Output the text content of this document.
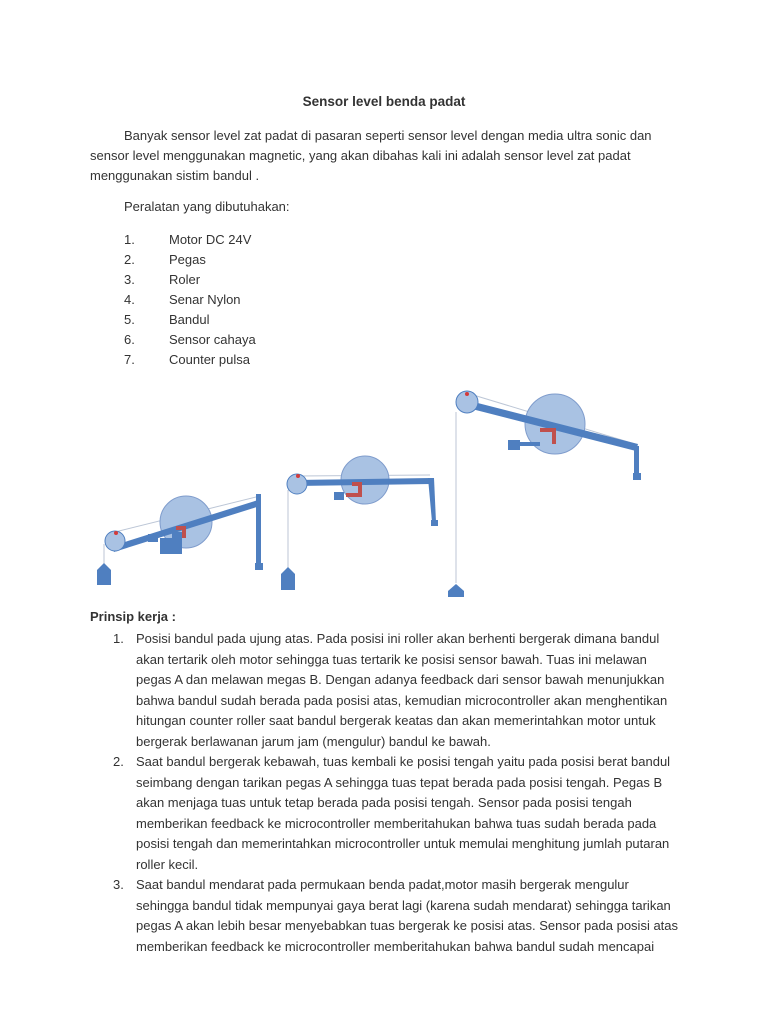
Sensor level benda padat
Banyak sensor level zat padat di pasaran seperti sensor level dengan media ultra sonic dan sensor level menggunakan magnetic, yang akan dibahas kali ini adalah sensor level zat padat menggunakan sistim bandul .
Peralatan yang dibutuhakan:
1.	Motor DC 24V
2.	Pegas
3.	Roler
4.	Senar Nylon
5.	Bandul
6.	Sensor cahaya
7.	Counter pulsa
Prinsip kerja :
1. Posisi bandul pada ujung atas. Pada posisi ini roller akan berhenti bergerak dimana bandul akan tertarik oleh motor sehingga tuas tertarik ke posisi sensor bawah. Tuas ini melawan pegas A dan melawan megas B. Dengan adanya feedback dari sensor bawah menunjukkan bahwa bandul sudah berada pada posisi atas, kemudian microcontroller akan menghentikan hitungan counter roller saat bandul bergerak keatas dan akan memerintahkan motor untuk bergerak berlawanan jarum jam (mengulur) bandul ke bawah.
2. Saat bandul bergerak kebawah, tuas kembali ke posisi tengah yaitu pada posisi berat bandul seimbang dengan tarikan pegas A sehingga tuas tepat berada pada posisi tengah. Pegas B akan menjaga tuas untuk tetap berada pada posisi tengah. Sensor pada posisi tengah memberikan feedback ke microcontroller memberitahukan bahwa tuas sudah berada pada posisi tengah dan memerintahkan microcontroller untuk memulai menghitung jumlah putaran roller kecil.
3. Saat bandul mendarat pada permukaan benda padat,motor masih bergerak mengulur sehingga bandul tidak mempunyai gaya berat lagi (karena sudah mendarat) sehingga tarikan pegas A akan lebih besar menyebabkan tuas bergerak ke posisi atas. Sensor pada posisi atas memberikan feedback ke microcontroller memberitahukan bahwa bandul sudah mencapai
